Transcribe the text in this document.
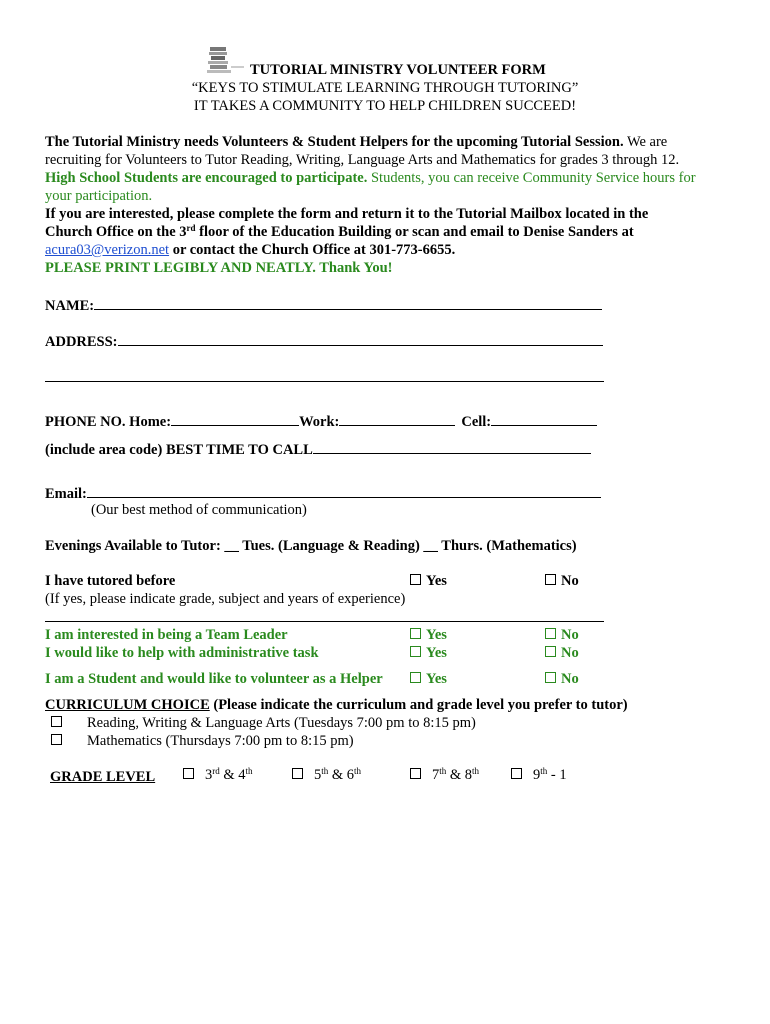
TUTORIAL MINISTRY VOLUNTEER FORM
“KEYS TO STIMULATE LEARNING THROUGH TUTORING”
IT TAKES A COMMUNITY TO HELP CHILDREN SUCCEED!
The Tutorial Ministry needs Volunteers & Student Helpers for the upcoming Tutorial Session. We are
recruiting for Volunteers to Tutor Reading, Writing, Language Arts and Mathematics for grades 3 through 12.
High School Students are encouraged to participate. Students, you can receive Community Service hours for
your participation.
If you are interested, please complete the form and return it to the Tutorial Mailbox located in the
Church Office on the 3rd floor of the Education Building or scan and email to Denise Sanders at
acura03@verizon.net or contact the Church Office at 301-773-6655.
PLEASE PRINT LEGIBLY AND NEATLY. Thank You!
NAME:
ADDRESS:
PHONE NO. Home:	Work:	Cell:
(include area code) BEST TIME TO CALL
Email:
(Our best method of communication)
Evenings Available to Tutor: __ Tues. (Language & Reading) __ Thurs. (Mathematics)
I have tutored before	Yes	No
(If yes, please indicate grade, subject and years of experience)
I am interested in being a Team Leader	Yes	No
I would like to help with administrative task	Yes	No
I am a Student and would like to volunteer as a Helper	Yes	No
CURRICULUM CHOICE (Please indicate the curriculum and grade level you prefer to tutor)
Reading, Writing & Language Arts (Tuesdays 7:00 pm to 8:15 pm)
Mathematics (Thursdays 7:00 pm to 8:15 pm)
GRADE LEVEL	3rd & 4th	5th & 6th	7th & 8th	9th - 1
